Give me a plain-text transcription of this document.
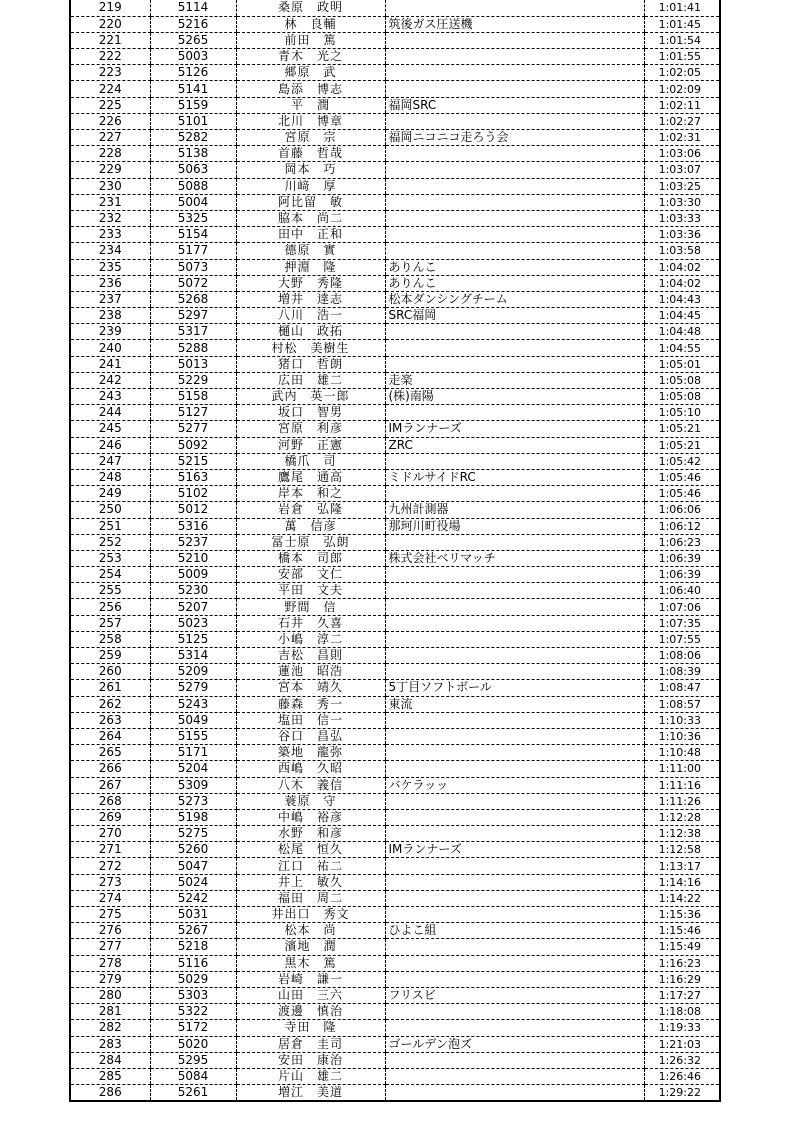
219	5114	桑原　政明		1:01:41
220	5216	林　良輔	筑後ガス圧送機	1:01:45
221	5265	前田　篤		1:01:54
222	5003	青木　光之		1:01:55
223	5126	郷原　武		1:02:05
224	5141	島添　博志		1:02:09
225	5159	平　潤	福岡SRC	1:02:11
226	5101	北川　博章		1:02:27
227	5282	宮原　宗	福岡ニコニコ走ろう会	1:02:31
228	5138	首藤　哲哉		1:03:06
229	5063	岡本　巧		1:03:07
230	5088	川﨑　厚		1:03:25
231	5004	阿比留　敏		1:03:30
232	5325	脇本　尚二		1:03:33
233	5154	田中　正和		1:03:36
234	5177	德原　實		1:03:58
235	5073	押淵　隆	ありんこ	1:04:02
236	5072	大野　秀隆	ありんこ	1:04:02
237	5268	増井　達志	松本ダンシングチーム	1:04:43
238	5297	八川　浩一	SRC福岡	1:04:45
239	5317	樋山　政拓		1:04:48
240	5288	村松　美樹生		1:04:55
241	5013	猪口　哲朗		1:05:01
242	5229	広田　雄二	走楽	1:05:08
243	5158	武内　英一郎	(株)南陽	1:05:08
244	5127	坂口　智男		1:05:10
245	5277	宮原　利彦	IMランナーズ	1:05:21
246	5092	河野　正憲	ZRC	1:05:21
247	5215	橋爪　司		1:05:42
248	5163	鷹尾　通高	ミドルサイドRC	1:05:46
249	5102	岸本　和之		1:05:46
250	5012	岩倉　弘隆	九州計測器	1:06:06
251	5316	萬　信彦	那珂川町役場	1:06:12
252	5237	冨士原　弘朗		1:06:23
253	5210	橋本　司郎	株式会社ベリマッチ	1:06:39
254	5009	安部　文仁		1:06:39
255	5230	平田　文夫		1:06:40
256	5207	野間　信		1:07:06
257	5023	石井　久喜		1:07:35
258	5125	小嶋　淳二		1:07:55
259	5314	吉松　昌則		1:08:06
260	5209	蓮池　昭浩		1:08:39
261	5279	宮本　靖久	5丁目ソフトボール	1:08:47
262	5243	藤森　秀一	東流	1:08:57
263	5049	塩田　信一		1:10:33
264	5155	谷口　昌弘		1:10:36
265	5171	築地　龍弥		1:10:48
266	5204	西嶋　久昭		1:11:00
267	5309	八木　義信	バケラッッ	1:11:16
268	5273	蓑原　守		1:11:26
269	5198	中嶋　裕彦		1:12:28
270	5275	水野　和彦		1:12:38
271	5260	松尾　恒久	IMランナーズ	1:12:58
272	5047	江口　祐二		1:13:17
273	5024	井上　敏久		1:14:16
274	5242	福田　周二		1:14:22
275	5031	井出口　秀文		1:15:36
276	5267	松本　尚	ひよこ組	1:15:46
277	5218	濱地　潤		1:15:49
278	5116	黒木　篤		1:16:23
279	5029	岩崎　謙一		1:16:29
280	5303	山田　三六	フリスビ	1:17:27
281	5322	渡邊　慎治		1:18:08
282	5172	寺田　隆		1:19:33
283	5020	居倉　圭司	ゴールデン泡ズ	1:21:03
284	5295	安田　康治		1:26:32
285	5084	片山　雄二		1:26:46
286	5261	増江　美道		1:29:22
